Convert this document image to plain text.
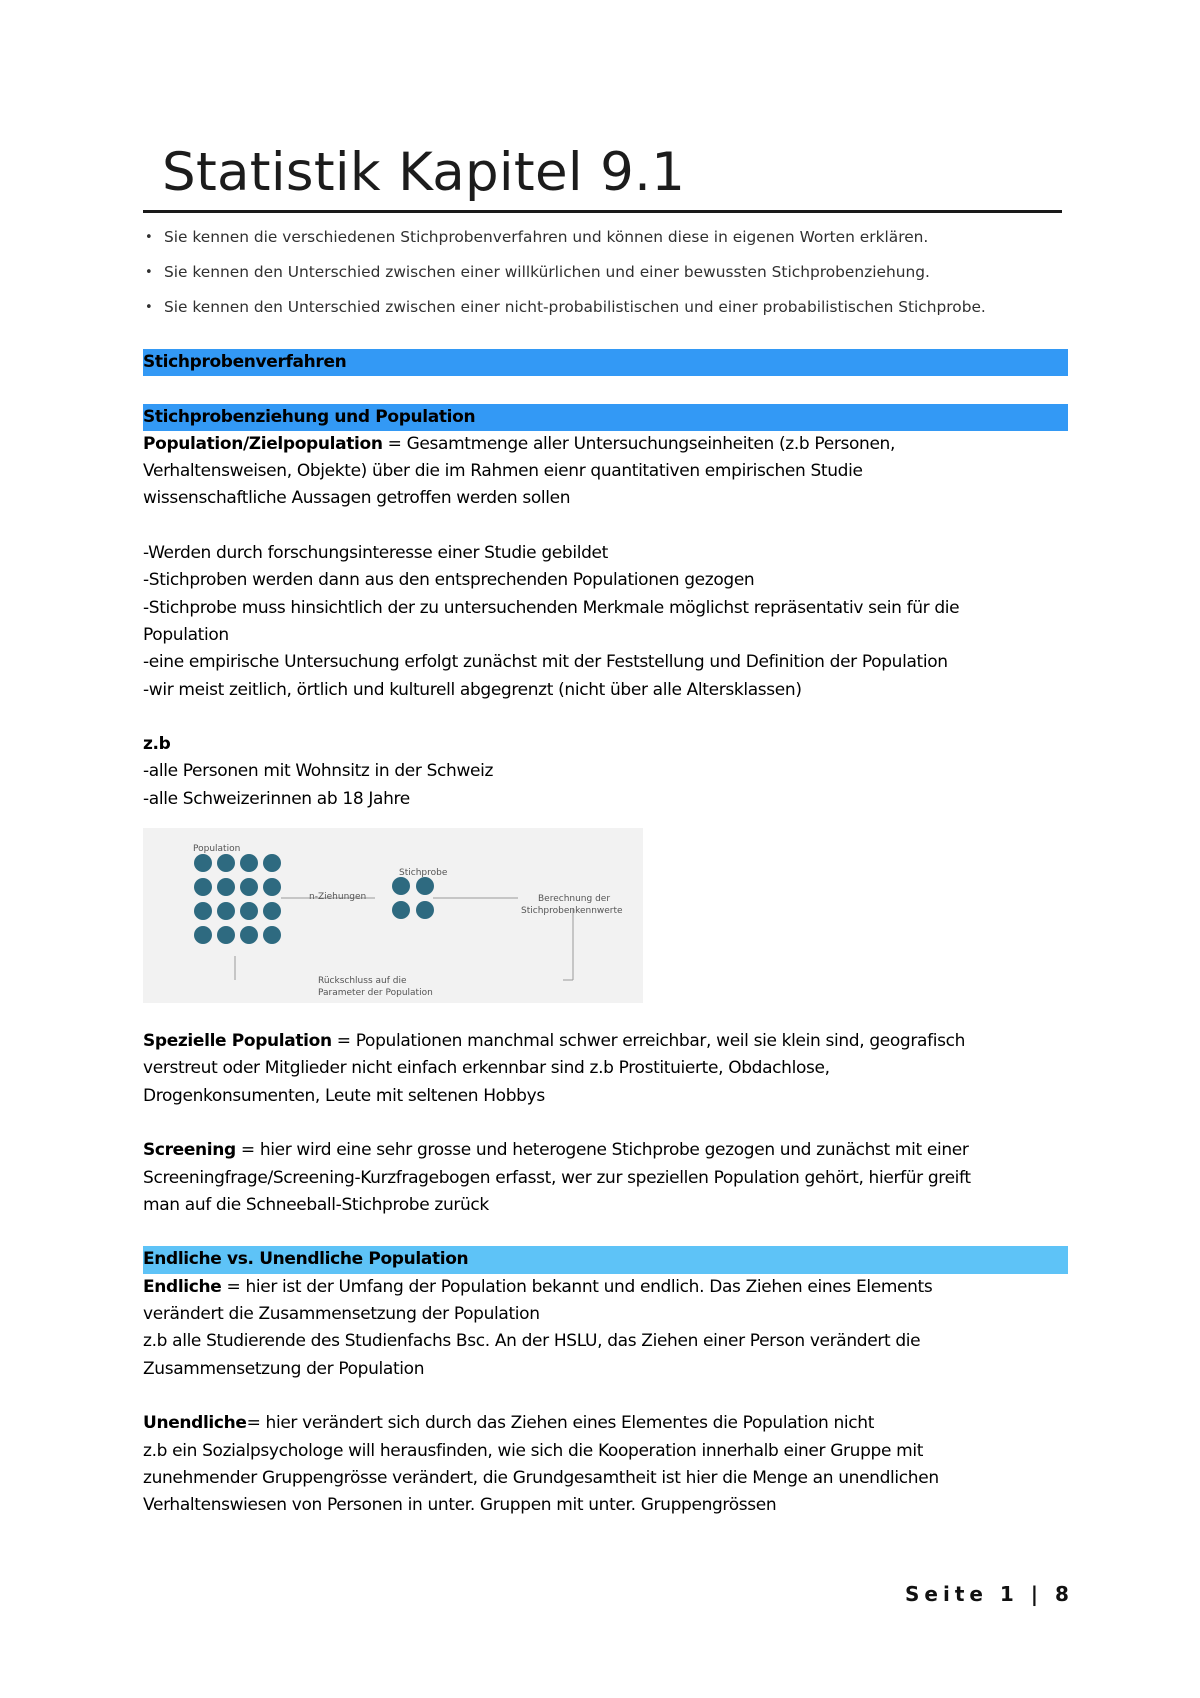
Statistik Kapitel 9.1
• Sie kennen die verschiedenen Stichprobenverfahren und können diese in eigenen Worten erklären.
• Sie kennen den Unterschied zwischen einer willkürlichen und einer bewussten Stichprobenziehung.
• Sie kennen den Unterschied zwischen einer nicht-probabilistischen und einer probabilistischen Stichprobe.
Stichprobenverfahren
Stichprobenziehung und Population
Population/Zielpopulation = Gesamtmenge aller Untersuchungseinheiten (z.b Personen,
Verhaltensweisen, Objekte) über die im Rahmen eienr quantitativen empirischen Studie
wissenschaftliche Aussagen getroffen werden sollen
-Werden durch forschungsinteresse einer Studie gebildet
-Stichproben werden dann aus den entsprechenden Populationen gezogen
-Stichprobe muss hinsichtlich der zu untersuchenden Merkmale möglichst repräsentativ sein für die
Population
-eine empirische Untersuchung erfolgt zunächst mit der Feststellung und Definition der Population
-wir meist zeitlich, örtlich und kulturell abgegrenzt (nicht über alle Altersklassen)
z.b
-alle Personen mit Wohnsitz in der Schweiz
-alle Schweizerinnen ab 18 Jahre
Population
Stichprobe
n-Ziehungen	Berechnung der
Stichprobenkennwerte
Rückschluss auf die
Parameter der Population
Spezielle Population = Populationen manchmal schwer erreichbar, weil sie klein sind, geografisch
verstreut oder Mitglieder nicht einfach erkennbar sind z.b Prostituierte, Obdachlose,
Drogenkonsumenten, Leute mit seltenen Hobbys
Screening = hier wird eine sehr grosse und heterogene Stichprobe gezogen und zunächst mit einer
Screeningfrage/Screening-Kurzfragebogen erfasst, wer zur speziellen Population gehört, hierfür greift
man auf die Schneeball-Stichprobe zurück
Endliche vs. Unendliche Population
Endliche = hier ist der Umfang der Population bekannt und endlich. Das Ziehen eines Elements
verändert die Zusammensetzung der Population
z.b alle Studierende des Studienfachs Bsc. An der HSLU, das Ziehen einer Person verändert die
Zusammensetzung der Population
Unendliche= hier verändert sich durch das Ziehen eines Elementes die Population nicht
z.b ein Sozialpsychologe will herausfinden, wie sich die Kooperation innerhalb einer Gruppe mit
zunehmender Gruppengrösse verändert, die Grundgesamtheit ist hier die Menge an unendlichen
Verhaltenswiesen von Personen in unter. Gruppen mit unter. Gruppengrössen
Seite 1 | 8
